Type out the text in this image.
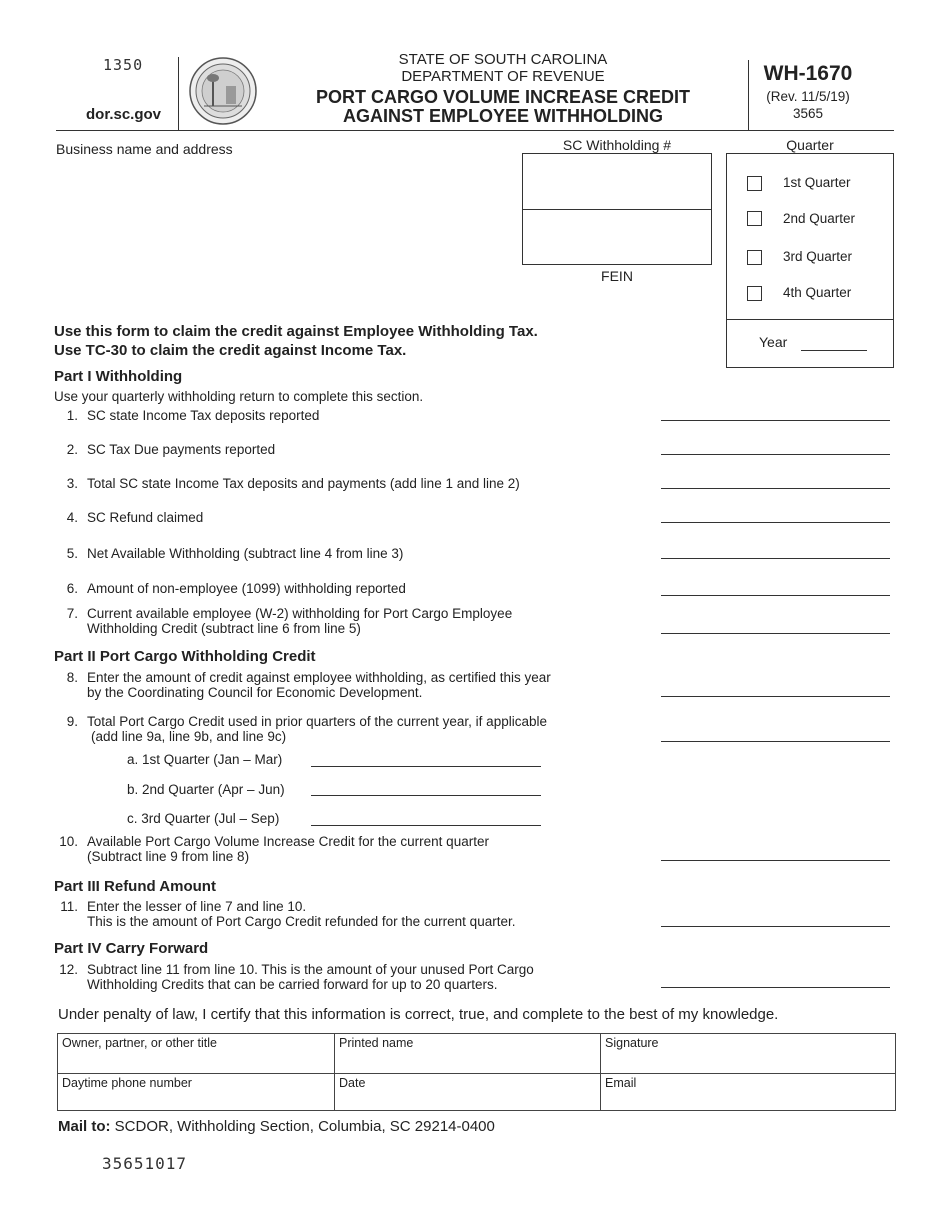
1350
dor.sc.gov
STATE OF SOUTH CAROLINA
DEPARTMENT OF REVENUE
PORT CARGO VOLUME INCREASE CREDIT
AGAINST EMPLOYEE WITHHOLDING
WH-1670
(Rev. 11/5/19)
3565
Business name and address	SC Withholding #
FEIN
Quarter
1st Quarter
2nd Quarter
3rd Quarter
4th Quarter
Year
Use this form to claim the credit against Employee Withholding Tax.
Use TC-30 to claim the credit against Income Tax.
Part I Withholding
Use your quarterly withholding return to complete this section.
1. SC state Income Tax deposits reported
2. SC Tax Due payments reported
3. Total SC state Income Tax deposits and payments (add line 1 and line 2)
4. SC Refund claimed
5. Net Available Withholding (subtract line 4 from line 3)
6. Amount of non-employee (1099) withholding reported
7. Current available employee (W-2) withholding for Port Cargo Employee
Withholding Credit (subtract line 6 from line 5)
Part II Port Cargo Withholding Credit
8. Enter the amount of credit against employee withholding, as certified this year
by the Coordinating Council for Economic Development.
9. Total Port Cargo Credit used in prior quarters of the current year, if applicable
(add line 9a, line 9b, and line 9c)
a. 1st Quarter (Jan – Mar)
b. 2nd Quarter (Apr – Jun)
c. 3rd Quarter (Jul – Sep)
10. Available Port Cargo Volume Increase Credit for the current quarter
(Subtract line 9 from line 8)
Part III Refund Amount
11. Enter the lesser of line 7 and line 10.
This is the amount of Port Cargo Credit refunded for the current quarter.
Part IV Carry Forward
12. Subtract line 11 from line 10. This is the amount of your unused Port Cargo
Withholding Credits that can be carried forward for up to 20 quarters.
Under penalty of law, I certify that this information is correct, true, and complete to the best of my knowledge.
Owner, partner, or other title	Printed name	Signature
Daytime phone number	Date	Email
Mail to: SCDOR, Withholding Section, Columbia, SC 29214-0400
35651017
